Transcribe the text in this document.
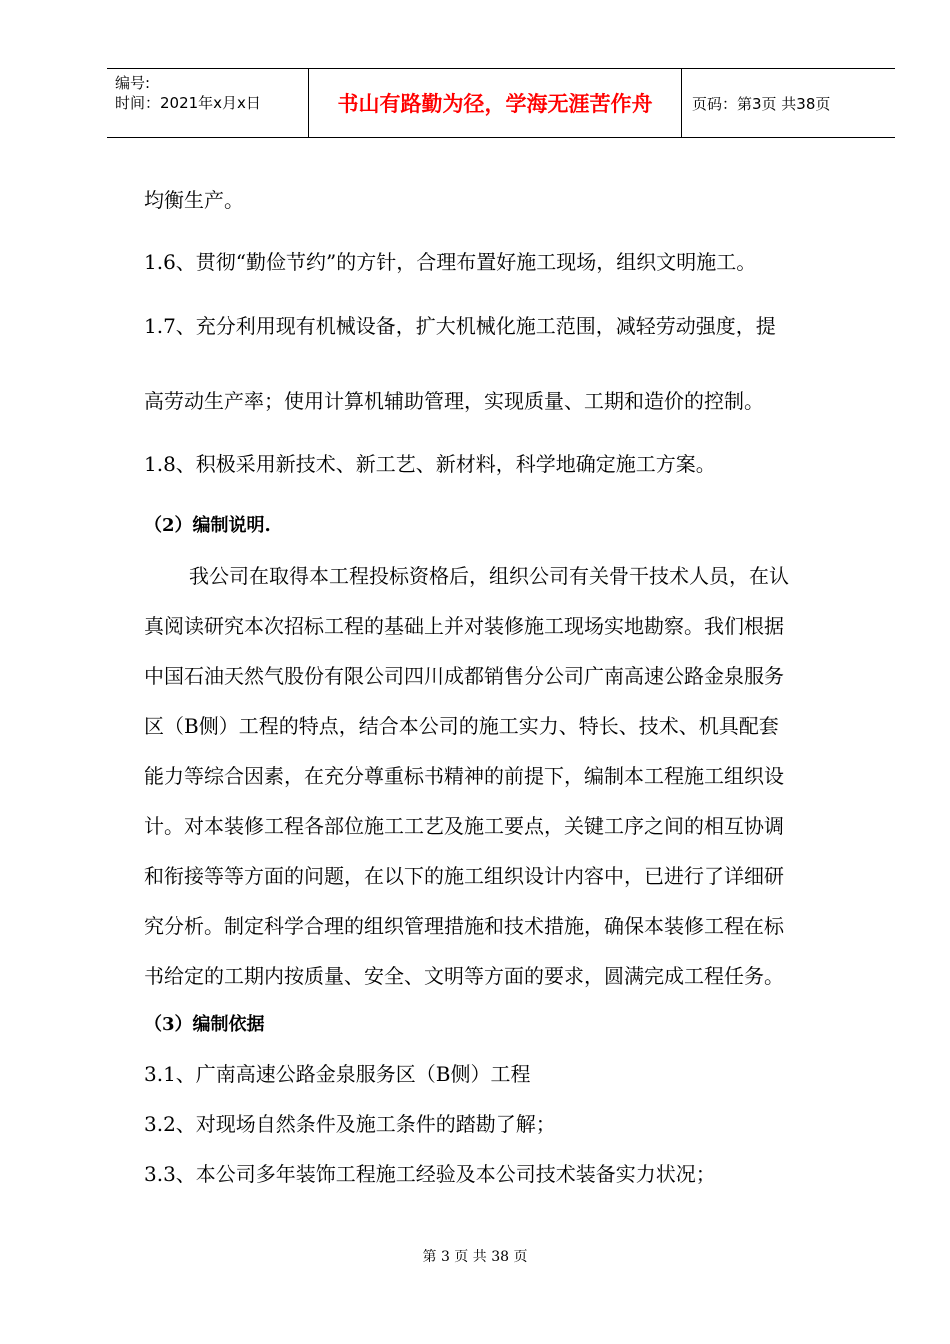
编号:
时间：2021年x月x日	书山有路勤为径，学海无涯苦作舟	页码：第3页 共38页
均衡生产。
1.6、贯彻“勤俭节约”的方针，合理布置好施工现场，组织文明施工。
1.7、充分利用现有机械设备，扩大机械化施工范围，减轻劳动强度，提
高劳动生产率；使用计算机辅助管理，实现质量、工期和造价的控制。
1.8、积极采用新技术、新工艺、新材料，科学地确定施工方案。
（2）编制说明.
我公司在取得本工程投标资格后，组织公司有关骨干技术人员，在认
真阅读研究本次招标工程的基础上并对装修施工现场实地勘察。我们根据
中国石油天然气股份有限公司四川成都销售分公司广南高速公路金泉服务
区（B侧）工程的特点，结合本公司的施工实力、特长、技术、机具配套
能力等综合因素，在充分尊重标书精神的前提下，编制本工程施工组织设
计。对本装修工程各部位施工工艺及施工要点，关键工序之间的相互协调
和衔接等等方面的问题，在以下的施工组织设计内容中，已进行了详细研
究分析。制定科学合理的组织管理措施和技术措施，确保本装修工程在标
书给定的工期内按质量、安全、文明等方面的要求，圆满完成工程任务。
（3）编制依据
3.1、广南高速公路金泉服务区（B侧）工程
3.2、对现场自然条件及施工条件的踏勘了解；
3.3、本公司多年装饰工程施工经验及本公司技术装备实力状况；
第 3 页 共 38 页
